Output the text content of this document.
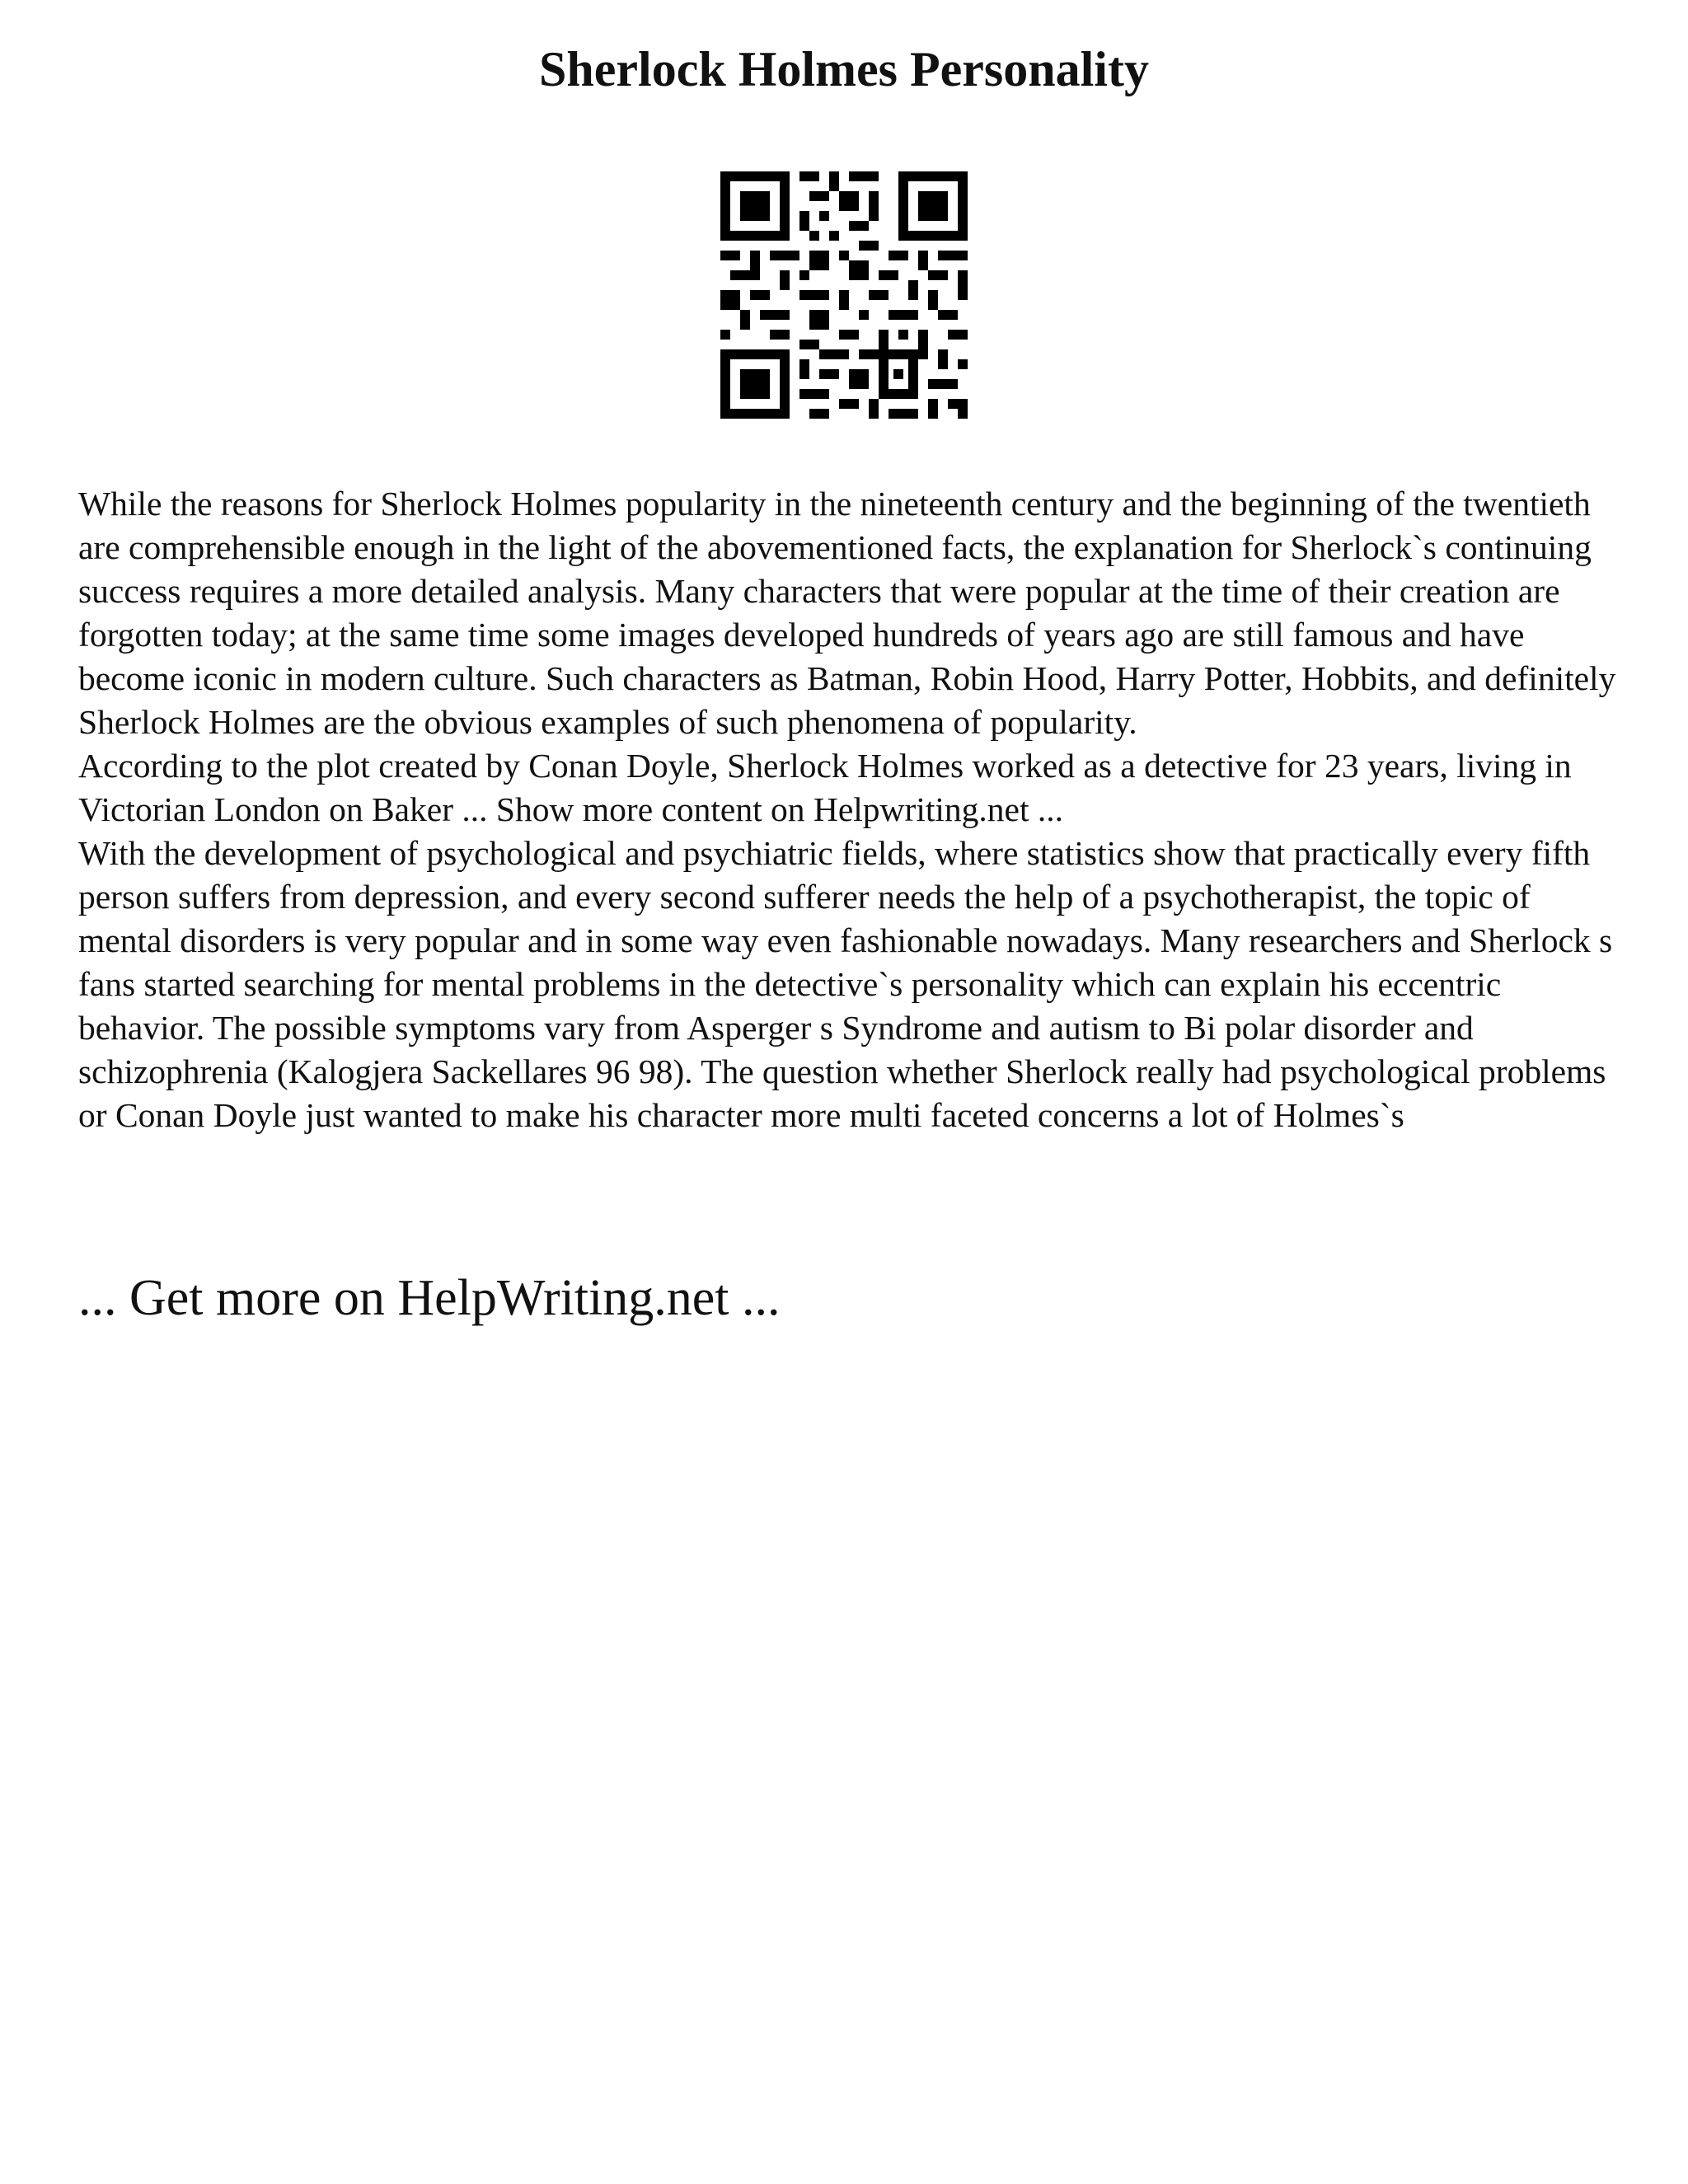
Sherlock Holmes Personality

While the reasons for Sherlock Holmes popularity in the nineteenth century and the beginning of the twentieth are comprehensible enough in the light of the abovementioned facts, the explanation for Sherlock`s continuing success requires a more detailed analysis. Many characters that were popular at the time of their creation are forgotten today; at the same time some images developed hundreds of years ago are still famous and have become iconic in modern culture. Such characters as Batman, Robin Hood, Harry Potter, Hobbits, and definitely Sherlock Holmes are the obvious examples of such phenomena of popularity.

According to the plot created by Conan Doyle, Sherlock Holmes worked as a detective for 23 years, living in Victorian London on Baker ... Show more content on Helpwriting.net ...

With the development of psychological and psychiatric fields, where statistics show that practically every fifth person suffers from depression, and every second sufferer needs the help of a psychotherapist, the topic of mental disorders is very popular and in some way even fashionable nowadays. Many researchers and Sherlock s fans started searching for mental problems in the detective`s personality which can explain his eccentric behavior. The possible symptoms vary from Asperger s Syndrome and autism to Bi polar disorder and schizophrenia (Kalogjera Sackellares 96 98). The question whether Sherlock really had psychological problems or Conan Doyle just wanted to make his character more multi faceted concerns a lot of Holmes`s

... Get more on HelpWriting.net ...
